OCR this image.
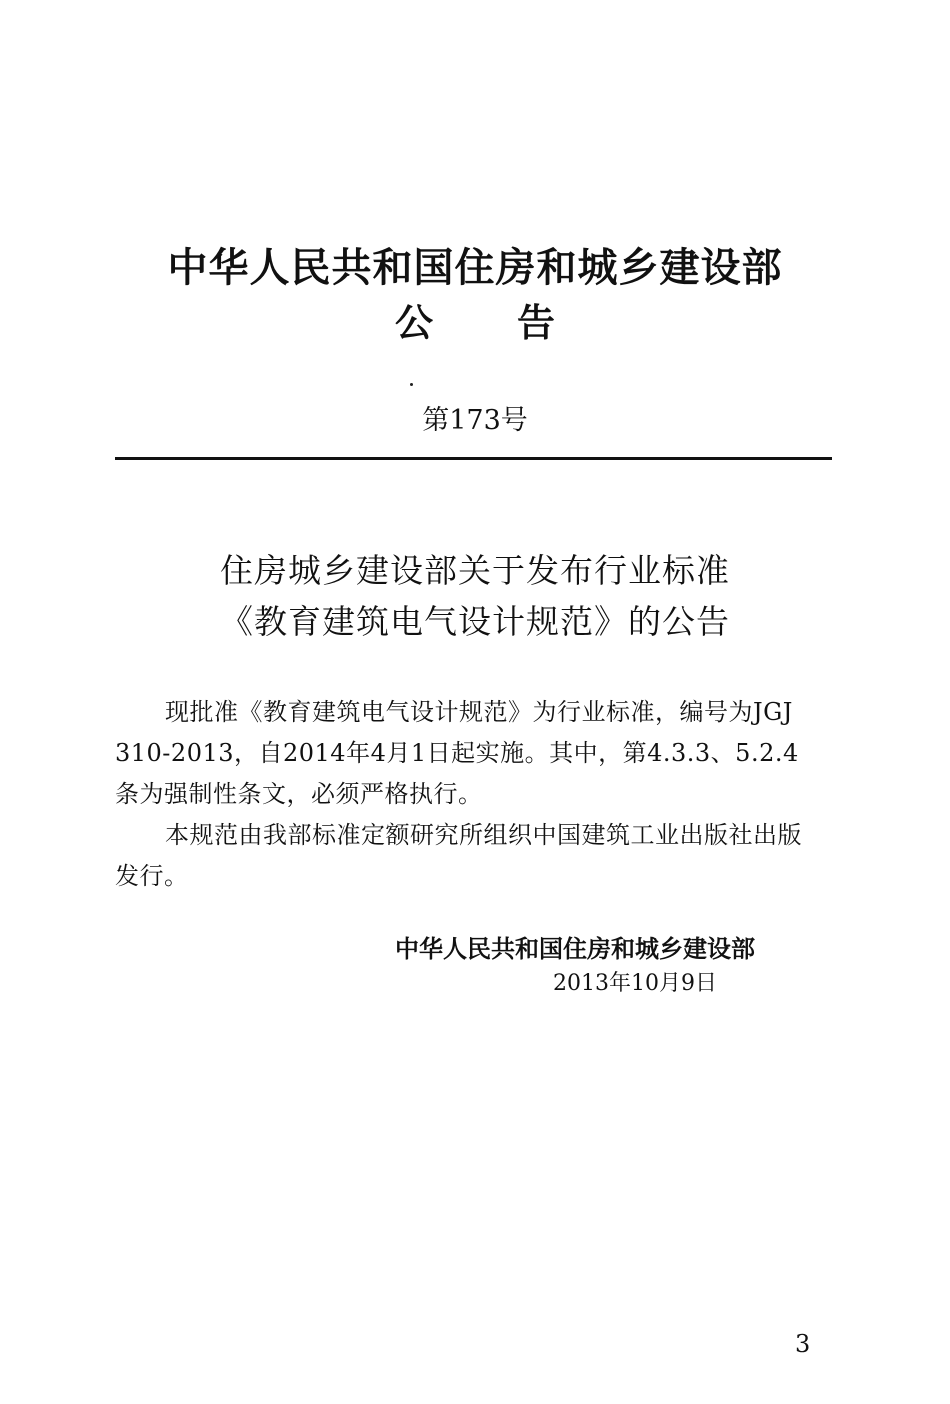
中华人民共和国住房和城乡建设部
公告
第173号
住房城乡建设部关于发布行业标准
《教育建筑电气设计规范》的公告
现批准《教育建筑电气设计规范》为行业标准，编号为JGJ
310-2013，自2014年4月1日起实施。其中，第4.3.3、5.2.4
条为强制性条文，必须严格执行。
本规范由我部标准定额研究所组织中国建筑工业出版社出版
发行。
中华人民共和国住房和城乡建设部
2013年10月9日
3
